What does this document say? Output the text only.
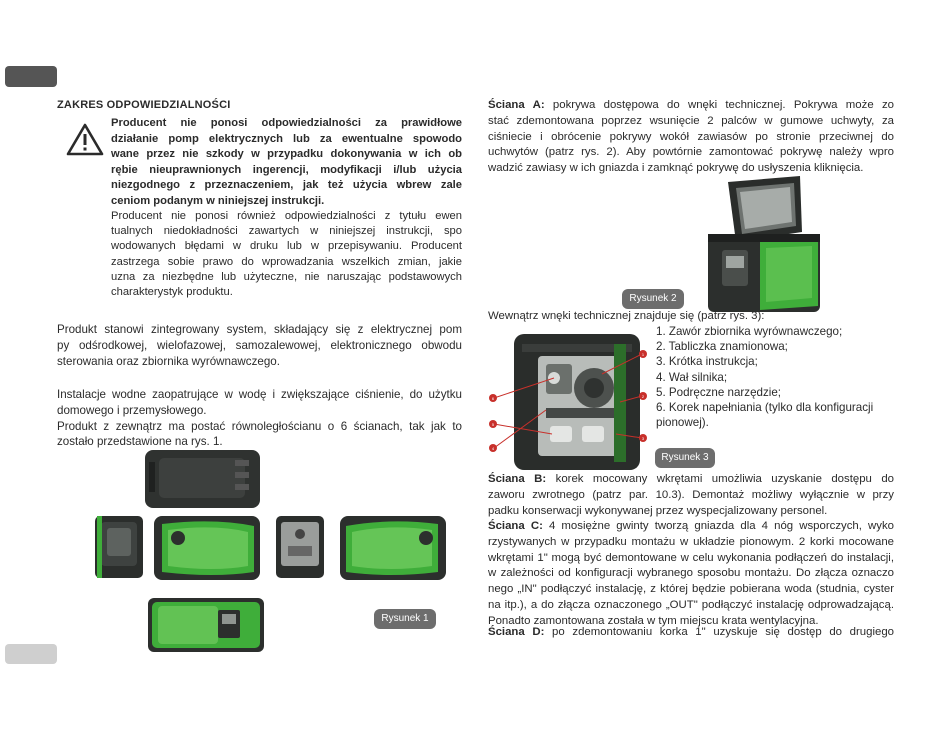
ZAKRES ODPOWIEDZIALNOŚCI
Producent nie ponosi odpowiedzialności za prawidłowe
działanie pomp elektrycznych lub za ewentualne spowodo
wane przez nie szkody w przypadku dokonywania w ich ob
rębie nieuprawnionych ingerencji, modyfikacji i/lub użycia
niezgodnego z przeznaczeniem, jak też użycia wbrew zale
ceniom podanym w niniejszej instrukcji.
Producent nie ponosi również odpowiedzialności z tytułu ewen
tualnych niedokładności zawartych w niniejszej instrukcji, spo
wodowanych błędami w druku lub w przepisywaniu. Producent
zastrzega sobie prawo do wprowadzania wszelkich zmian, jakie
uzna za niezbędne lub użyteczne, nie naruszając podstawowych
charakterystyk produktu.
Produkt stanowi zintegrowany system, składający się z elektrycznej pom
py odśrodkowej, wielofazowej, samozalewowej, elektronicznego obwodu
sterowania oraz zbiornika wyrównawczego.
Instalacje wodne zaopatrujące w wodę i zwiększające ciśnienie, do użytku
domowego i przemysłowego.
Produkt z zewnątrz ma postać równoległościanu o 6 ścianach, tak jak to
zostało przedstawione na rys. 1.
Rysunek 1
Ściana A: pokrywa dostępowa do wnęki technicznej. Pokrywa może zo
stać zdemontowana poprzez wsunięcie 2 palców w gumowe uchwyty, za
ciśniecie i obrócenie pokrywy wokół zawiasów po stronie przeciwnej do
uchwytów (patrz rys. 2). Aby powtórnie zamontować pokrywę należy wpro
wadzić zawiasy w ich gniazda i zamknąć pokrywę do usłyszenia kliknięcia.
Rysunek 2
Wewnątrz wnęki technicznej znajduje się (patrz rys. 3):
1
2
3
4
5
6
1. Zawór zbiornika wyrównawczego;
2. Tabliczka znamionowa;
3. Krótka instrukcja;
4. Wał silnika;
5. Podręczne narzędzie;
6. Korek napełniania (tylko dla konfiguracji
pionowej).
Rysunek 3
Ściana B: korek mocowany wkrętami umożliwia uzyskanie dostępu do
zaworu zwrotnego (patrz par. 10.3). Demontaż możliwy wyłącznie w przy
padku konserwacji wykonywanej przez wyspecjalizowany personel.
Ściana C: 4 mosiężne gwinty tworzą gniazda dla 4 nóg wsporczych, wyko
rzystywanych w przypadku montażu w układzie pionowym. 2 korki mocowane
wkrętami 1" mogą być demontowane w celu wykonania podłączeń do instalacji,
w zależności od konfiguracji wybranego sposobu montażu. Do złącza oznaczo
nego „IN" podłączyć instalację, z której będzie pobierana woda (studnia, cyster
na itp.), a do złącza oznaczonego „OUT" podłączyć instalację odprowadzającą.
Ponadto zamontowana została w tym miejscu krata wentylacyjna.
Ściana D: po zdemontowaniu korka 1" uzyskuje się dostęp do drugiego
